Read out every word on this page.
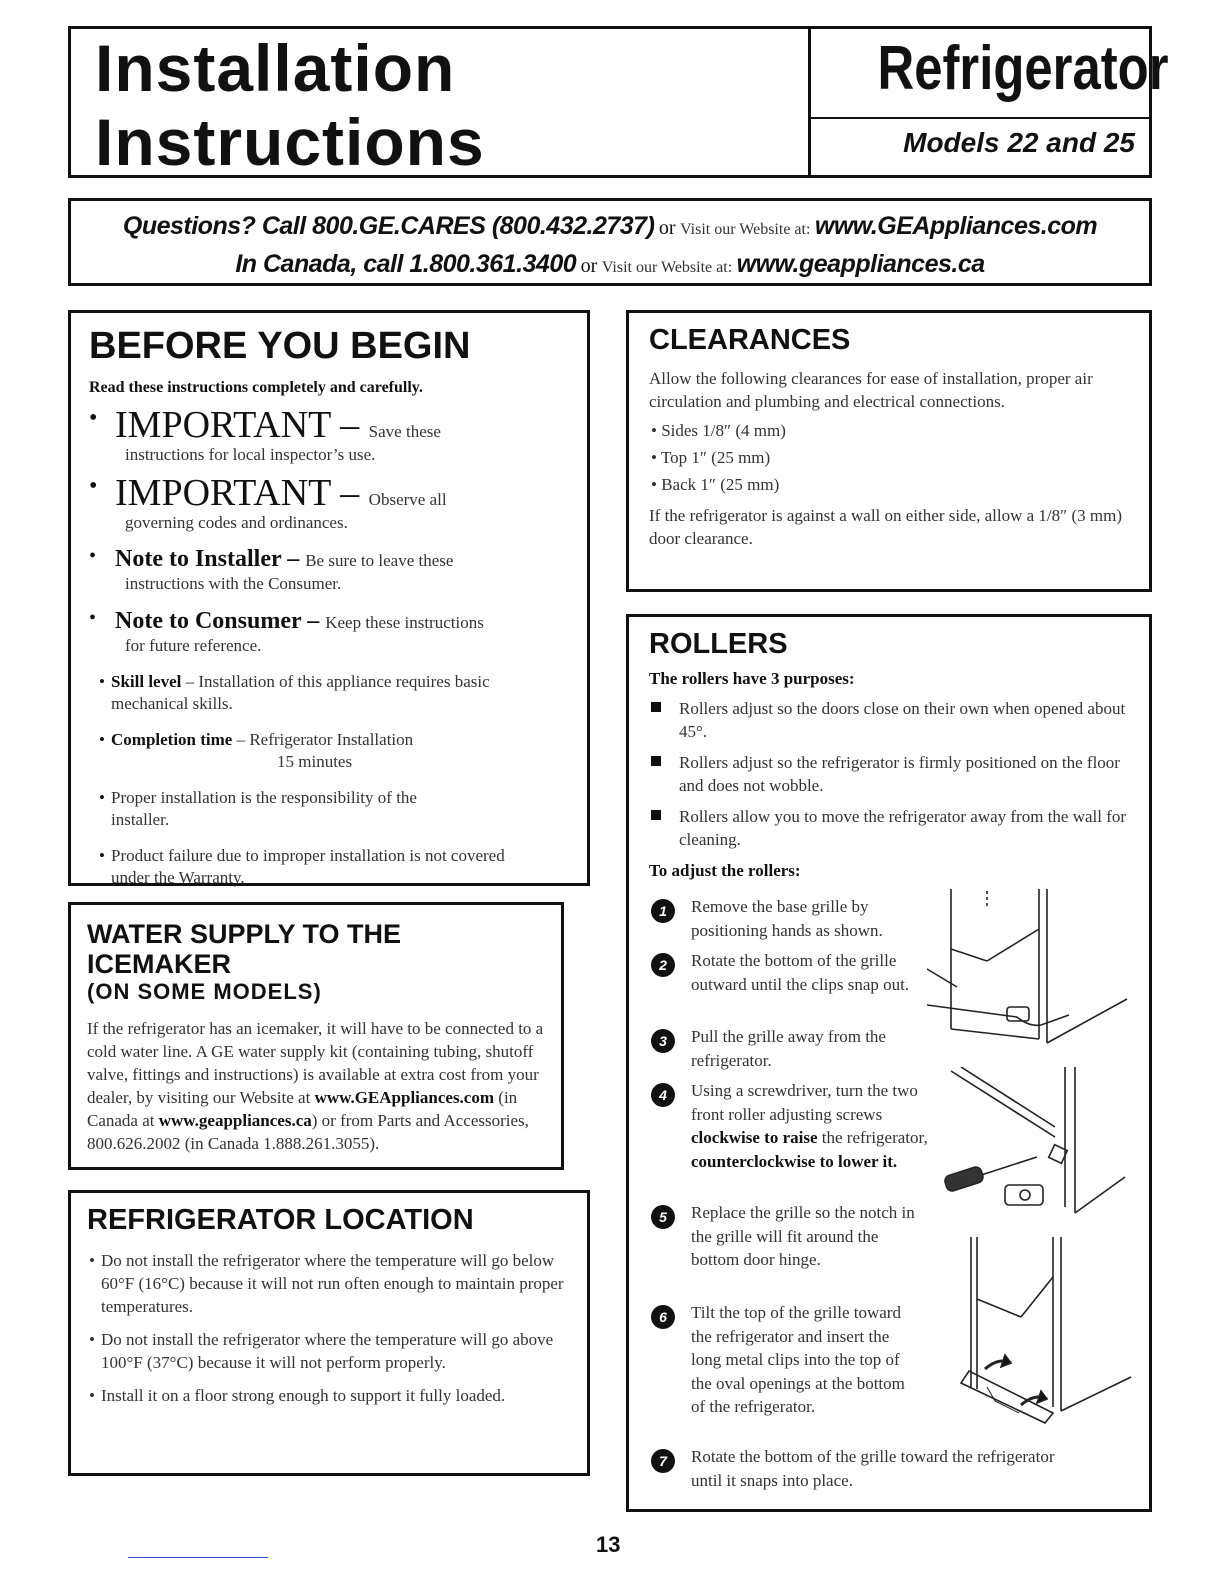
Installation
Instructions
Refrigerator
Models 22 and 25
Questions? Call 800.GE.CARES (800.432.2737) or Visit our Website at: www.GEAppliances.com
In Canada, call 1.800.361.3400 or Visit our Website at: www.geappliances.ca
BEFORE YOU BEGIN
Read these instructions completely and carefully.
• IMPORTANT – Save these
instructions for local inspector’s use.
• IMPORTANT – Observe all
governing codes and ordinances.
• Note to Installer – Be sure to leave these
instructions with the Consumer.
• Note to Consumer – Keep these instructions
for future reference.
• Skill level – Installation of this appliance requires basic mechanical skills.
• Completion time – Refrigerator Installation
15 minutes
• Proper installation is the responsibility of the installer.
• Product failure due to improper installation is not covered under the Warranty.
WATER SUPPLY TO THE ICEMAKER
(ON SOME MODELS)
If the refrigerator has an icemaker, it will have to be connected to a cold water line. A GE water supply kit (containing tubing, shutoff valve, fittings and instructions) is available at extra cost from your dealer, by visiting our Website at www.GEAppliances.com (in Canada at www.geappliances.ca) or from Parts and Accessories, 800.626.2002 (in Canada 1.888.261.3055).
REFRIGERATOR LOCATION
• Do not install the refrigerator where the temperature will go below 60°F (16°C) because it will not run often enough to maintain proper temperatures.
• Do not install the refrigerator where the temperature will go above 100°F (37°C) because it will not perform properly.
• Install it on a floor strong enough to support it fully loaded.
CLEARANCES
Allow the following clearances for ease of installation, proper air circulation and plumbing and electrical connections.
• Sides 1/8″ (4 mm)
• Top 1″ (25 mm)
• Back 1″ (25 mm)
If the refrigerator is against a wall on either side, allow a 1/8″ (3 mm) door clearance.
ROLLERS
The rollers have 3 purposes:
Rollers adjust so the doors close on their own when opened about 45°.
Rollers adjust so the refrigerator is firmly positioned on the floor and does not wobble.
Rollers allow you to move the refrigerator away from the wall for cleaning.
To adjust the rollers:
1	Remove the base grille by positioning hands as shown.
2	Rotate the bottom of the grille outward until the clips snap out.
3	Pull the grille away from the refrigerator.
4	Using a screwdriver, turn the two front roller adjusting screws clockwise to raise the refrigerator, counterclockwise to lower it.
5	Replace the grille so the notch in the grille will fit around the bottom door hinge.
6	Tilt the top of the grille toward the refrigerator and insert the long metal clips into the top of the oval openings at the bottom of the refrigerator.
7	Rotate the bottom of the grille toward the refrigerator until it snaps into place.
13
